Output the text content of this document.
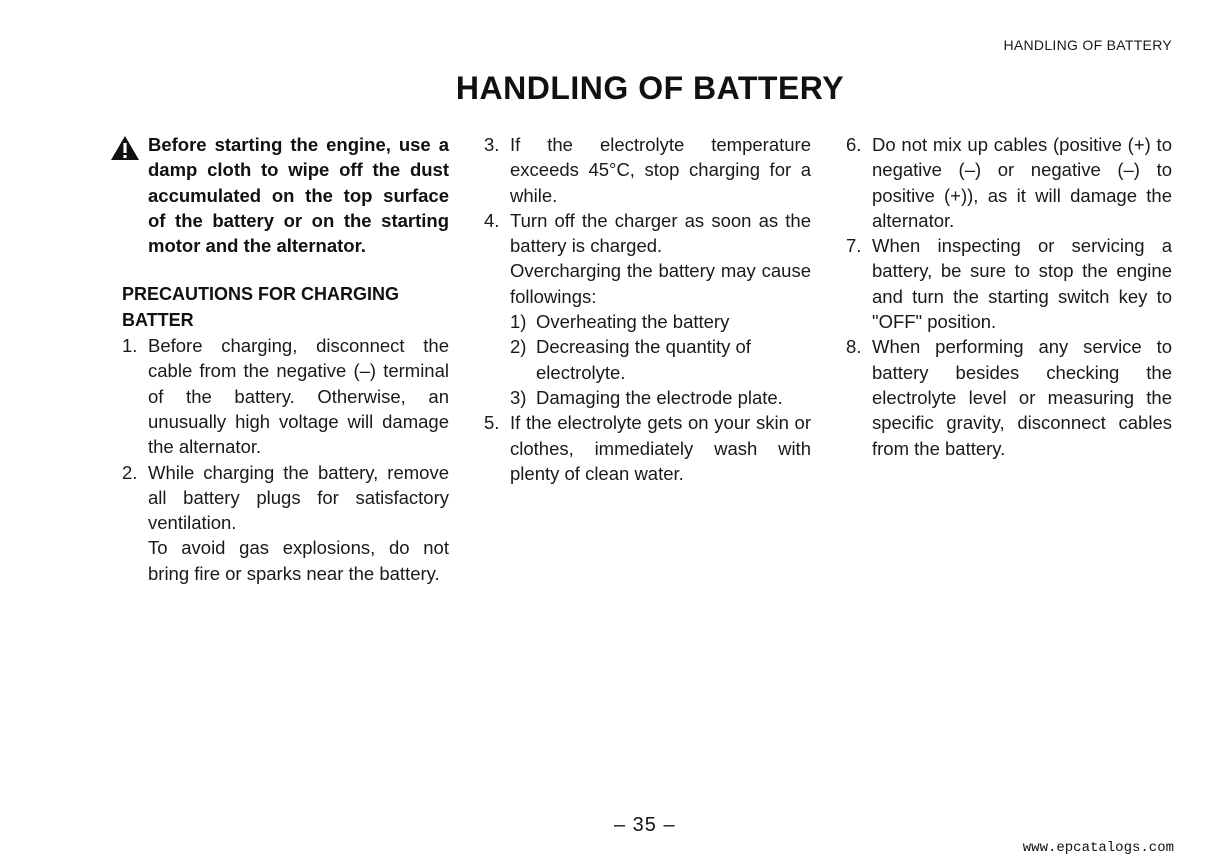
HANDLING OF BATTERY
HANDLING OF BATTERY
Before starting the engine, use a damp cloth to wipe off the dust accumulated on the top surface of the battery or on the starting motor and the alternator.
PRECAUTIONS FOR CHARGING
BATTER
1. Before charging, disconnect the cable from the negative (–) terminal of the battery. Otherwise, an unusually high voltage will damage the alternator.
2. While charging the battery, remove all battery plugs for satisfactory ventilation.
To avoid gas explosions, do not bring fire or sparks near the battery.
3. If the electrolyte temperature exceeds 45°C, stop charging for a while.
4. Turn off the charger as soon as the battery is charged.
Overcharging the battery may cause followings:
1) Overheating the battery
2) Decreasing the quantity of electrolyte.
3) Damaging the electrode plate.
5. If the electrolyte gets on your skin or clothes, immediately wash with plenty of clean water.
6. Do not mix up cables (positive (+) to negative (–) or negative (–) to positive (+)), as it will damage the alternator.
7. When inspecting or servicing a battery, be sure to stop the engine and turn the starting switch key to "OFF" position.
8. When performing any service to battery besides checking the electrolyte level or measuring the specific gravity, disconnect cables from the battery.
– 35 –
www.epcatalogs.com
